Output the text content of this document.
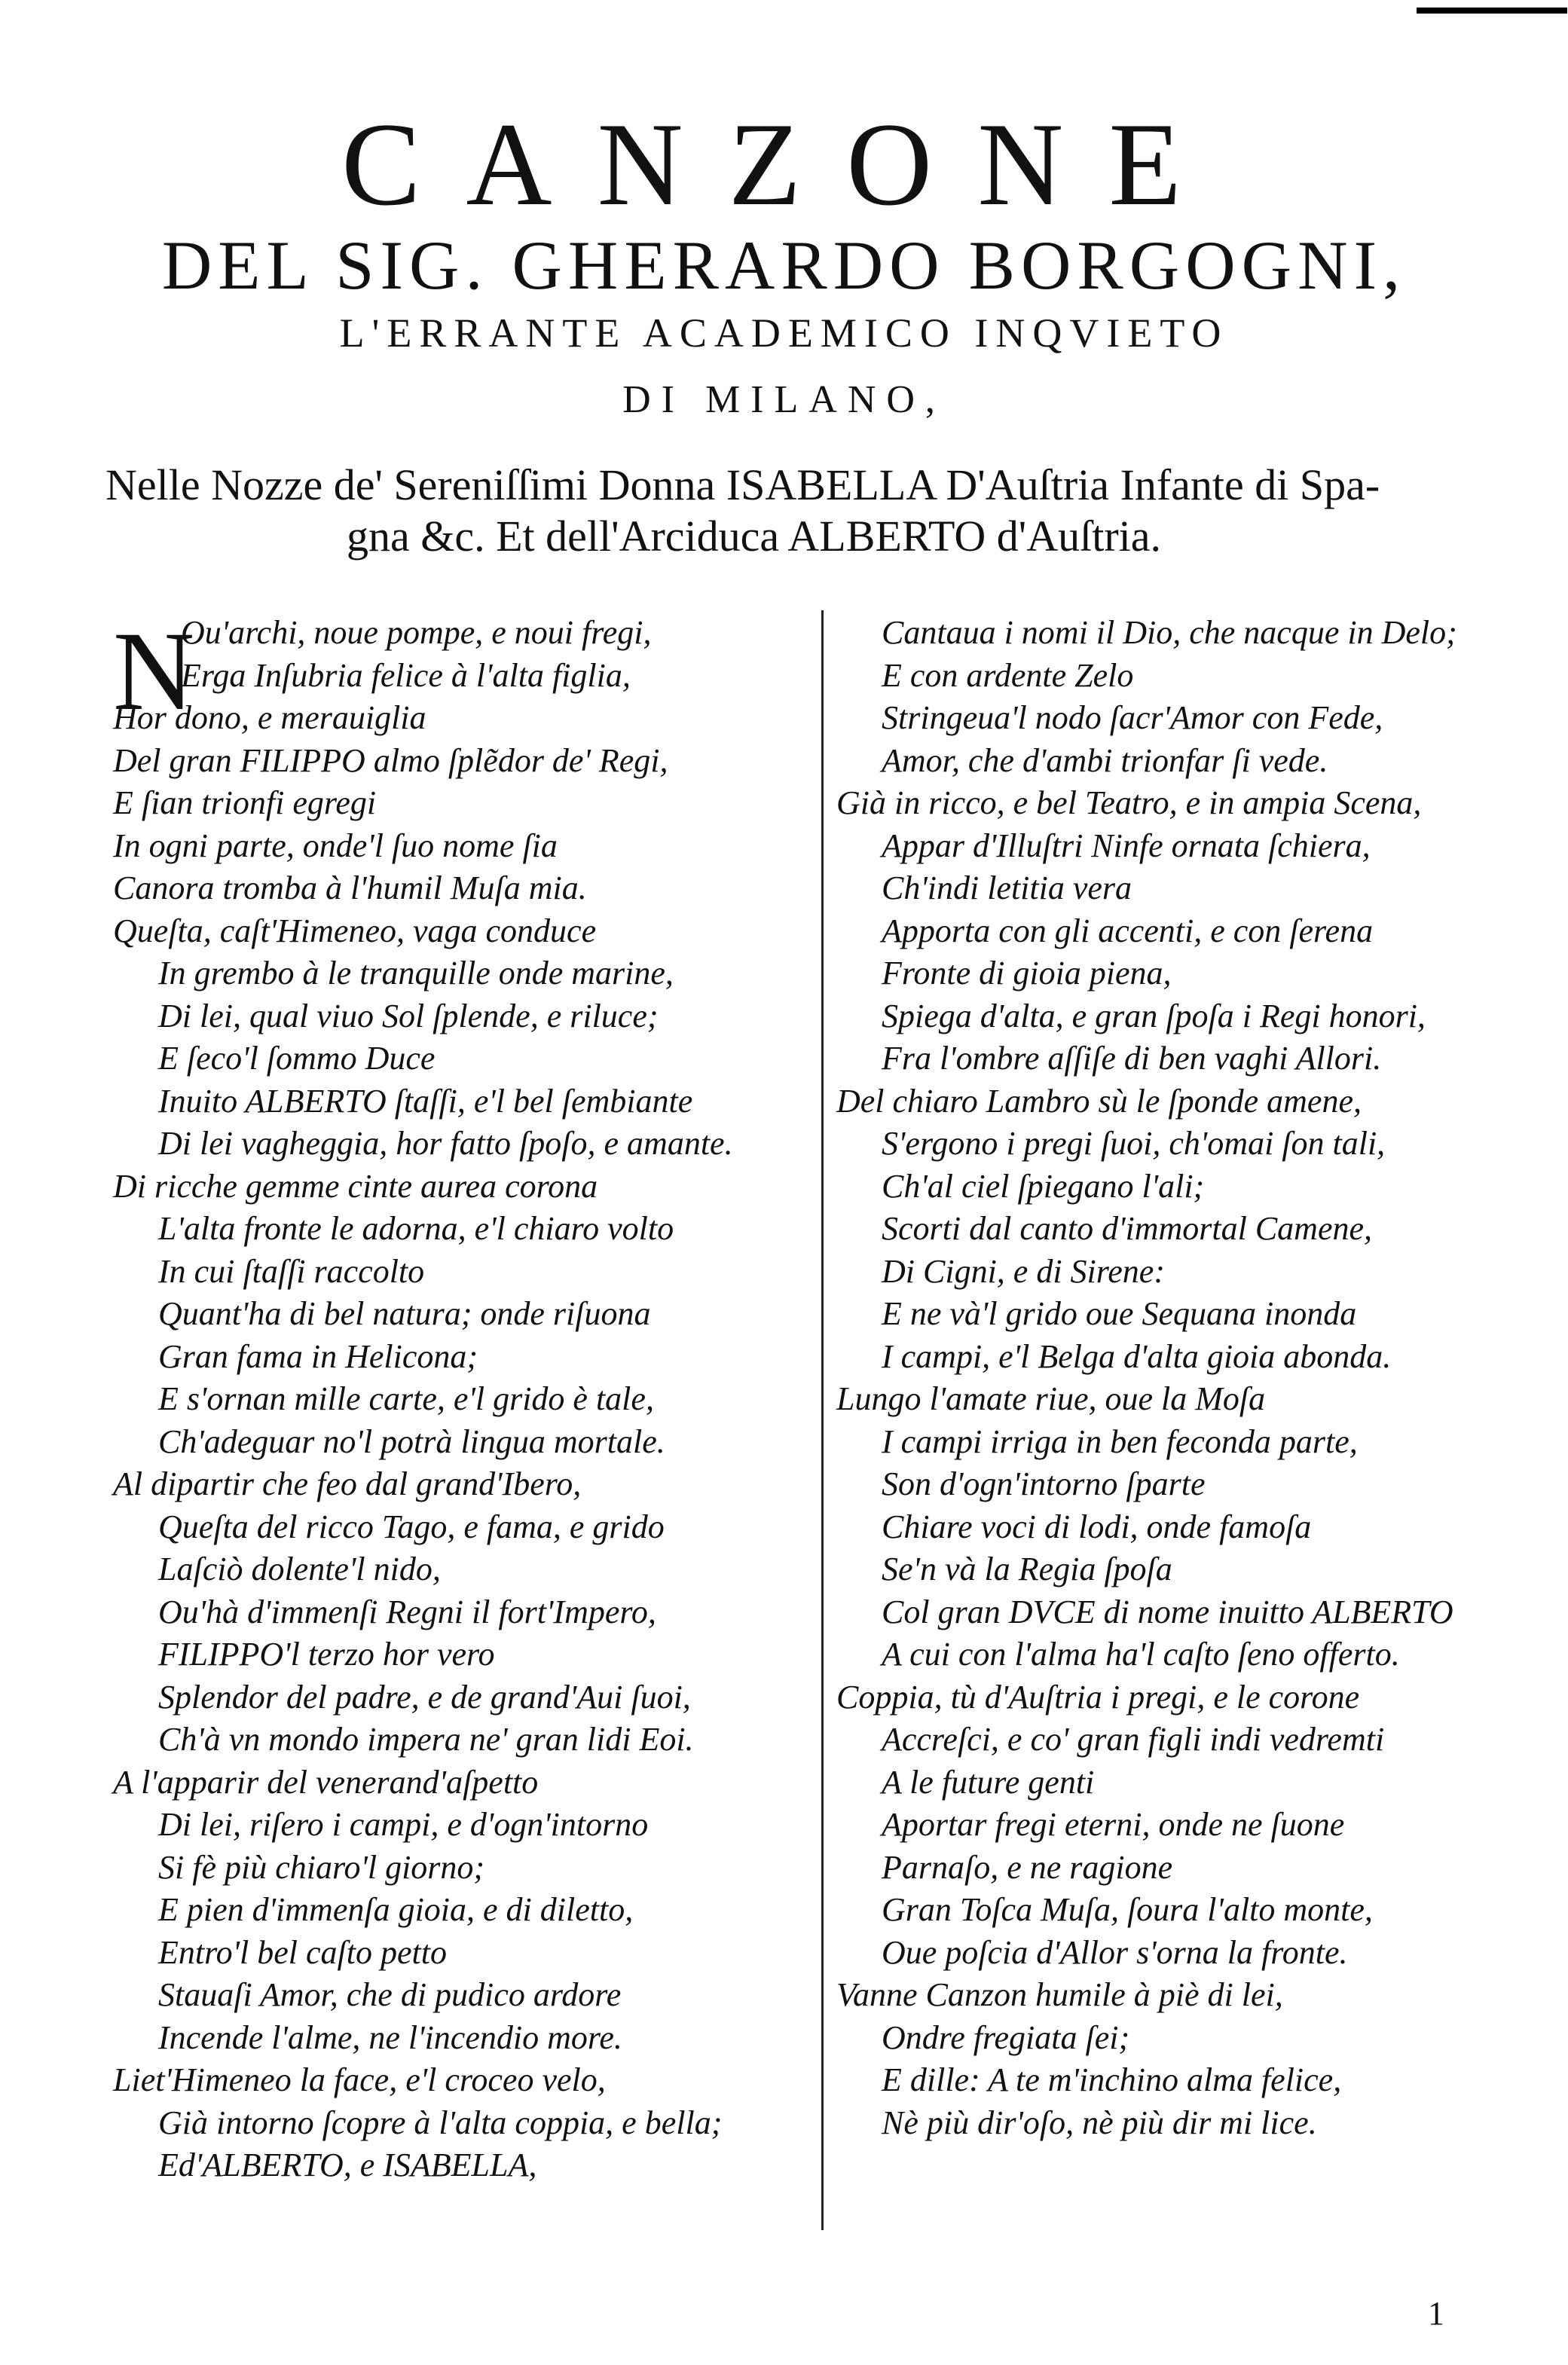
CANZONE
DEL SIG. GHERARDO BORGOGNI,
L'ERRANTE ACADEMICO INQVIETO
DI MILANO,
Nelle Nozze de' Sereniſſimi Donna ISABELLA D'Auſtria Infante di Spa-
gna &c. Et dell'Arciduca ALBERTO d'Auſtria.
N
Ou'archi, noue pompe, e noui fregi,
Erga Inſubria felice à l'alta figlia,
Hor dono, e merauiglia
Del gran FILIPPO almo ſplẽdor de' Regi,
E ſian trionfi egregi
In ogni parte, onde'l ſuo nome ſia
Canora tromba à l'humil Muſa mia.
Queſta, caſt'Himeneo, vaga conduce
In grembo à le tranquille onde marine,
Di lei, qual viuo Sol ſplende, e riluce;
E ſeco'l ſommo Duce
Inuito ALBERTO ſtaſſi, e'l bel ſembiante
Di lei vagheggia, hor fatto ſpoſo, e amante.
Di ricche gemme cinte aurea corona
L'alta fronte le adorna, e'l chiaro volto
In cui ſtaſſi raccolto
Quant'ha di bel natura; onde riſuona
Gran fama in Helicona;
E s'ornan mille carte, e'l grido è tale,
Ch'adeguar no'l potrà lingua mortale.
Al dipartir che feo dal grand'Ibero,
Queſta del ricco Tago, e fama, e grido
Laſciò dolente'l nido,
Ou'hà d'immenſi Regni il fort'Impero,
FILIPPO'l terzo hor vero
Splendor del padre, e de grand'Aui ſuoi,
Ch'à vn mondo impera ne' gran lidi Eoi.
A l'apparir del venerand'aſpetto
Di lei, riſero i campi, e d'ogn'intorno
Si fè più chiaro'l giorno;
E pien d'immenſa gioia, e di diletto,
Entro'l bel caſto petto
Stauaſi Amor, che di pudico ardore
Incende l'alme, ne l'incendio more.
Liet'Himeneo la face, e'l croceo velo,
Già intorno ſcopre à l'alta coppia, e bella;
Ed'ALBERTO, e ISABELLA,
Cantaua i nomi il Dio, che nacque in Delo;
E con ardente Zelo
Stringeua'l nodo ſacr'Amor con Fede,
Amor, che d'ambi trionfar ſi vede.
Già in ricco, e bel Teatro, e in ampia Scena,
Appar d'Illuſtri Ninfe ornata ſchiera,
Ch'indi letitia vera
Apporta con gli accenti, e con ſerena
Fronte di gioia piena,
Spiega d'alta, e gran ſpoſa i Regi honori,
Fra l'ombre aſſiſe di ben vaghi Allori.
Del chiaro Lambro sù le ſponde amene,
S'ergono i pregi ſuoi, ch'omai ſon tali,
Ch'al ciel ſpiegano l'ali;
Scorti dal canto d'immortal Camene,
Di Cigni, e di Sirene:
E ne và'l grido oue Sequana inonda
I campi, e'l Belga d'alta gioia abonda.
Lungo l'amate riue, oue la Moſa
I campi irriga in ben feconda parte,
Son d'ogn'intorno ſparte
Chiare voci di lodi, onde famoſa
Se'n và la Regia ſpoſa
Col gran DVCE di nome inuitto ALBERTO
A cui con l'alma ha'l caſto ſeno offerto.
Coppia, tù d'Auſtria i pregi, e le corone
Accreſci, e co' gran figli indi vedremti
A le future genti
Aportar fregi eterni, onde ne ſuone
Parnaſo, e ne ragione
Gran Toſca Muſa, ſoura l'alto monte,
Oue poſcia d'Allor s'orna la fronte.
Vanne Canzon humile à piè di lei,
Ondre fregiata ſei;
E dille: A te m'inchino alma felice,
Nè più dir'oſo, nè più dir mi lice.
1
